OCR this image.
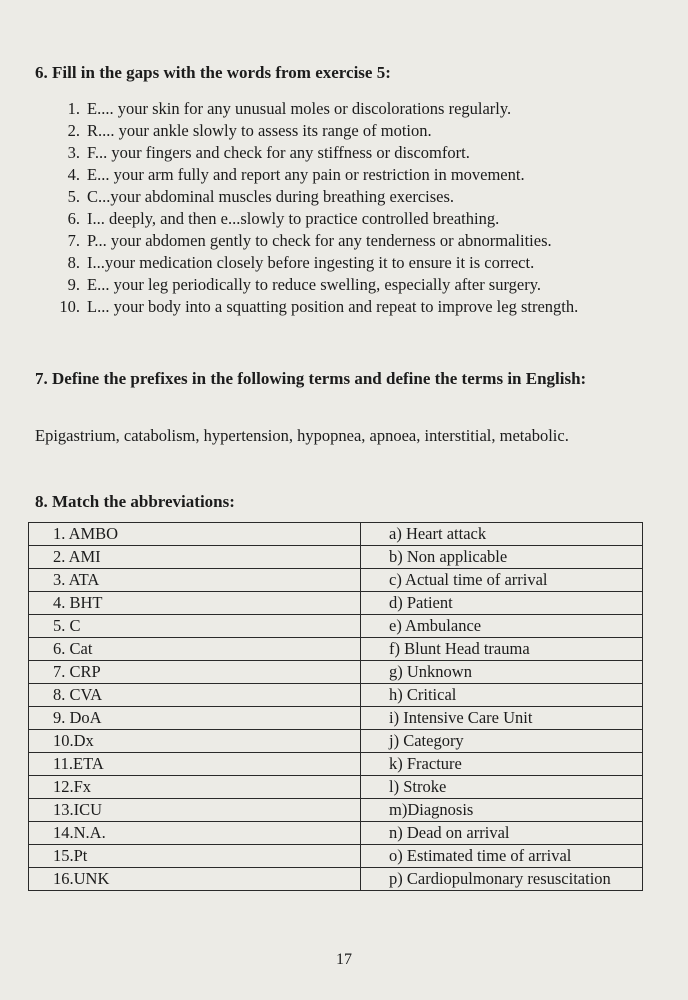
6. Fill in the gaps with the words from exercise 5:
1. E.... your skin for any unusual moles or discolorations regularly.
2. R.... your ankle slowly to assess its range of motion.
3. F... your fingers and check for any stiffness or discomfort.
4. E... your arm fully and report any pain or restriction in movement.
5. C...your abdominal muscles during breathing exercises.
6. I... deeply, and then e...slowly to practice controlled breathing.
7. P... your abdomen gently to check for any tenderness or abnormalities.
8. I...your medication closely before ingesting it to ensure it is correct.
9. E... your leg periodically to reduce swelling, especially after surgery.
10. L... your body into a squatting position and repeat to improve leg strength.
7. Define the prefixes in the following terms and define the terms in English:

Epigastrium, catabolism, hypertension, hypopnea, apnoea, interstitial, metabolic.

8. Match the abbreviations:
1. AMBO	a) Heart attack
2. AMI	b) Non applicable
3. ATA	c) Actual time of arrival
4. BHT	d) Patient
5. C	e) Ambulance
6. Cat	f) Blunt Head trauma
7. CRP	g) Unknown
8. CVA	h) Critical
9. DoA	i) Intensive Care Unit
10.Dx	j) Category
11.ETA	k) Fracture
12.Fx	l) Stroke
13.ICU	m)Diagnosis
14.N.A.	n) Dead on arrival
15.Pt	o) Estimated time of arrival
16.UNK	p) Cardiopulmonary resuscitation
17
